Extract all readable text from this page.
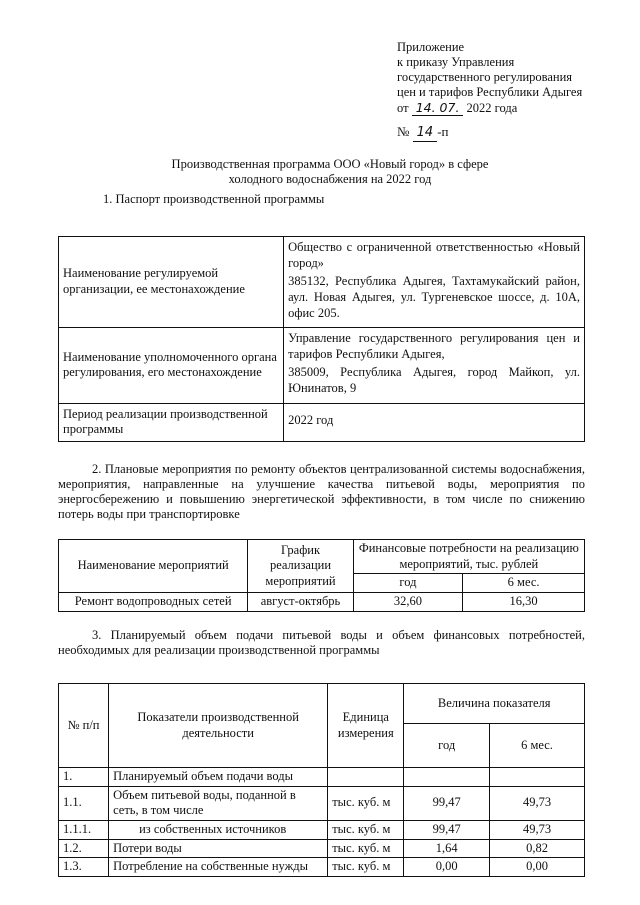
Приложение
к приказу Управления
государственного регулирования
цен и тарифов Республики Адыгея
от 14. 07. 2022 года
№ 14 -п
Производственная программа ООО «Новый город» в сфере
холодного водоснабжения на 2022 год
1. Паспорт производственной программы
Наименование регулируемой организации, ее местонахождение	Общество с ограниченной ответственностью «Новый город»

385132, Республика Адыгея, Тахтамукайский район, аул. Новая Адыгея, ул. Тургеневское шоссе, д. 10А, офис 205.

Наименование уполномоченного органа регулирования, его местонахождение	Управление государственного регулирования цен и тарифов Республики Адыгея,

385009, Республика Адыгея, город Майкоп, ул. Юнинатов, 9

Период реализации производственной программы	2022 год

2. Плановые мероприятия по ремонту объектов централизованной системы водоснабжения, мероприятия, направленные на улучшение качества питьевой воды, мероприятия по энергосбережению и повышению энергетической эффективности, в том числе по снижению потерь воды при транспортировке
Наименование мероприятий	График реализации мероприятий	Финансовые потребности на реализацию мероприятий, тыс. рублей	
		год	6 мес.
Ремонт водопроводных сетей	август-октябрь	32,60	16,30
3. Планируемый объем подачи питьевой воды и объем финансовых потребностей, необходимых для реализации производственной программы
№ п/п	Показатели производственной деятельности	Единица измерения	Величина показателя	
			год	6 мес.
1.	Планируемый объем подачи воды			
1.1.	Объем питьевой воды, поданной в сеть, в том числе	тыс. куб. м	99,47	49,73
1.1.1.	из собственных источников	тыс. куб. м	99,47	49,73
1.2.	Потери воды	тыс. куб. м	1,64	0,82
1.3.	Потребление на собственные нужды	тыс. куб. м	0,00	0,00
